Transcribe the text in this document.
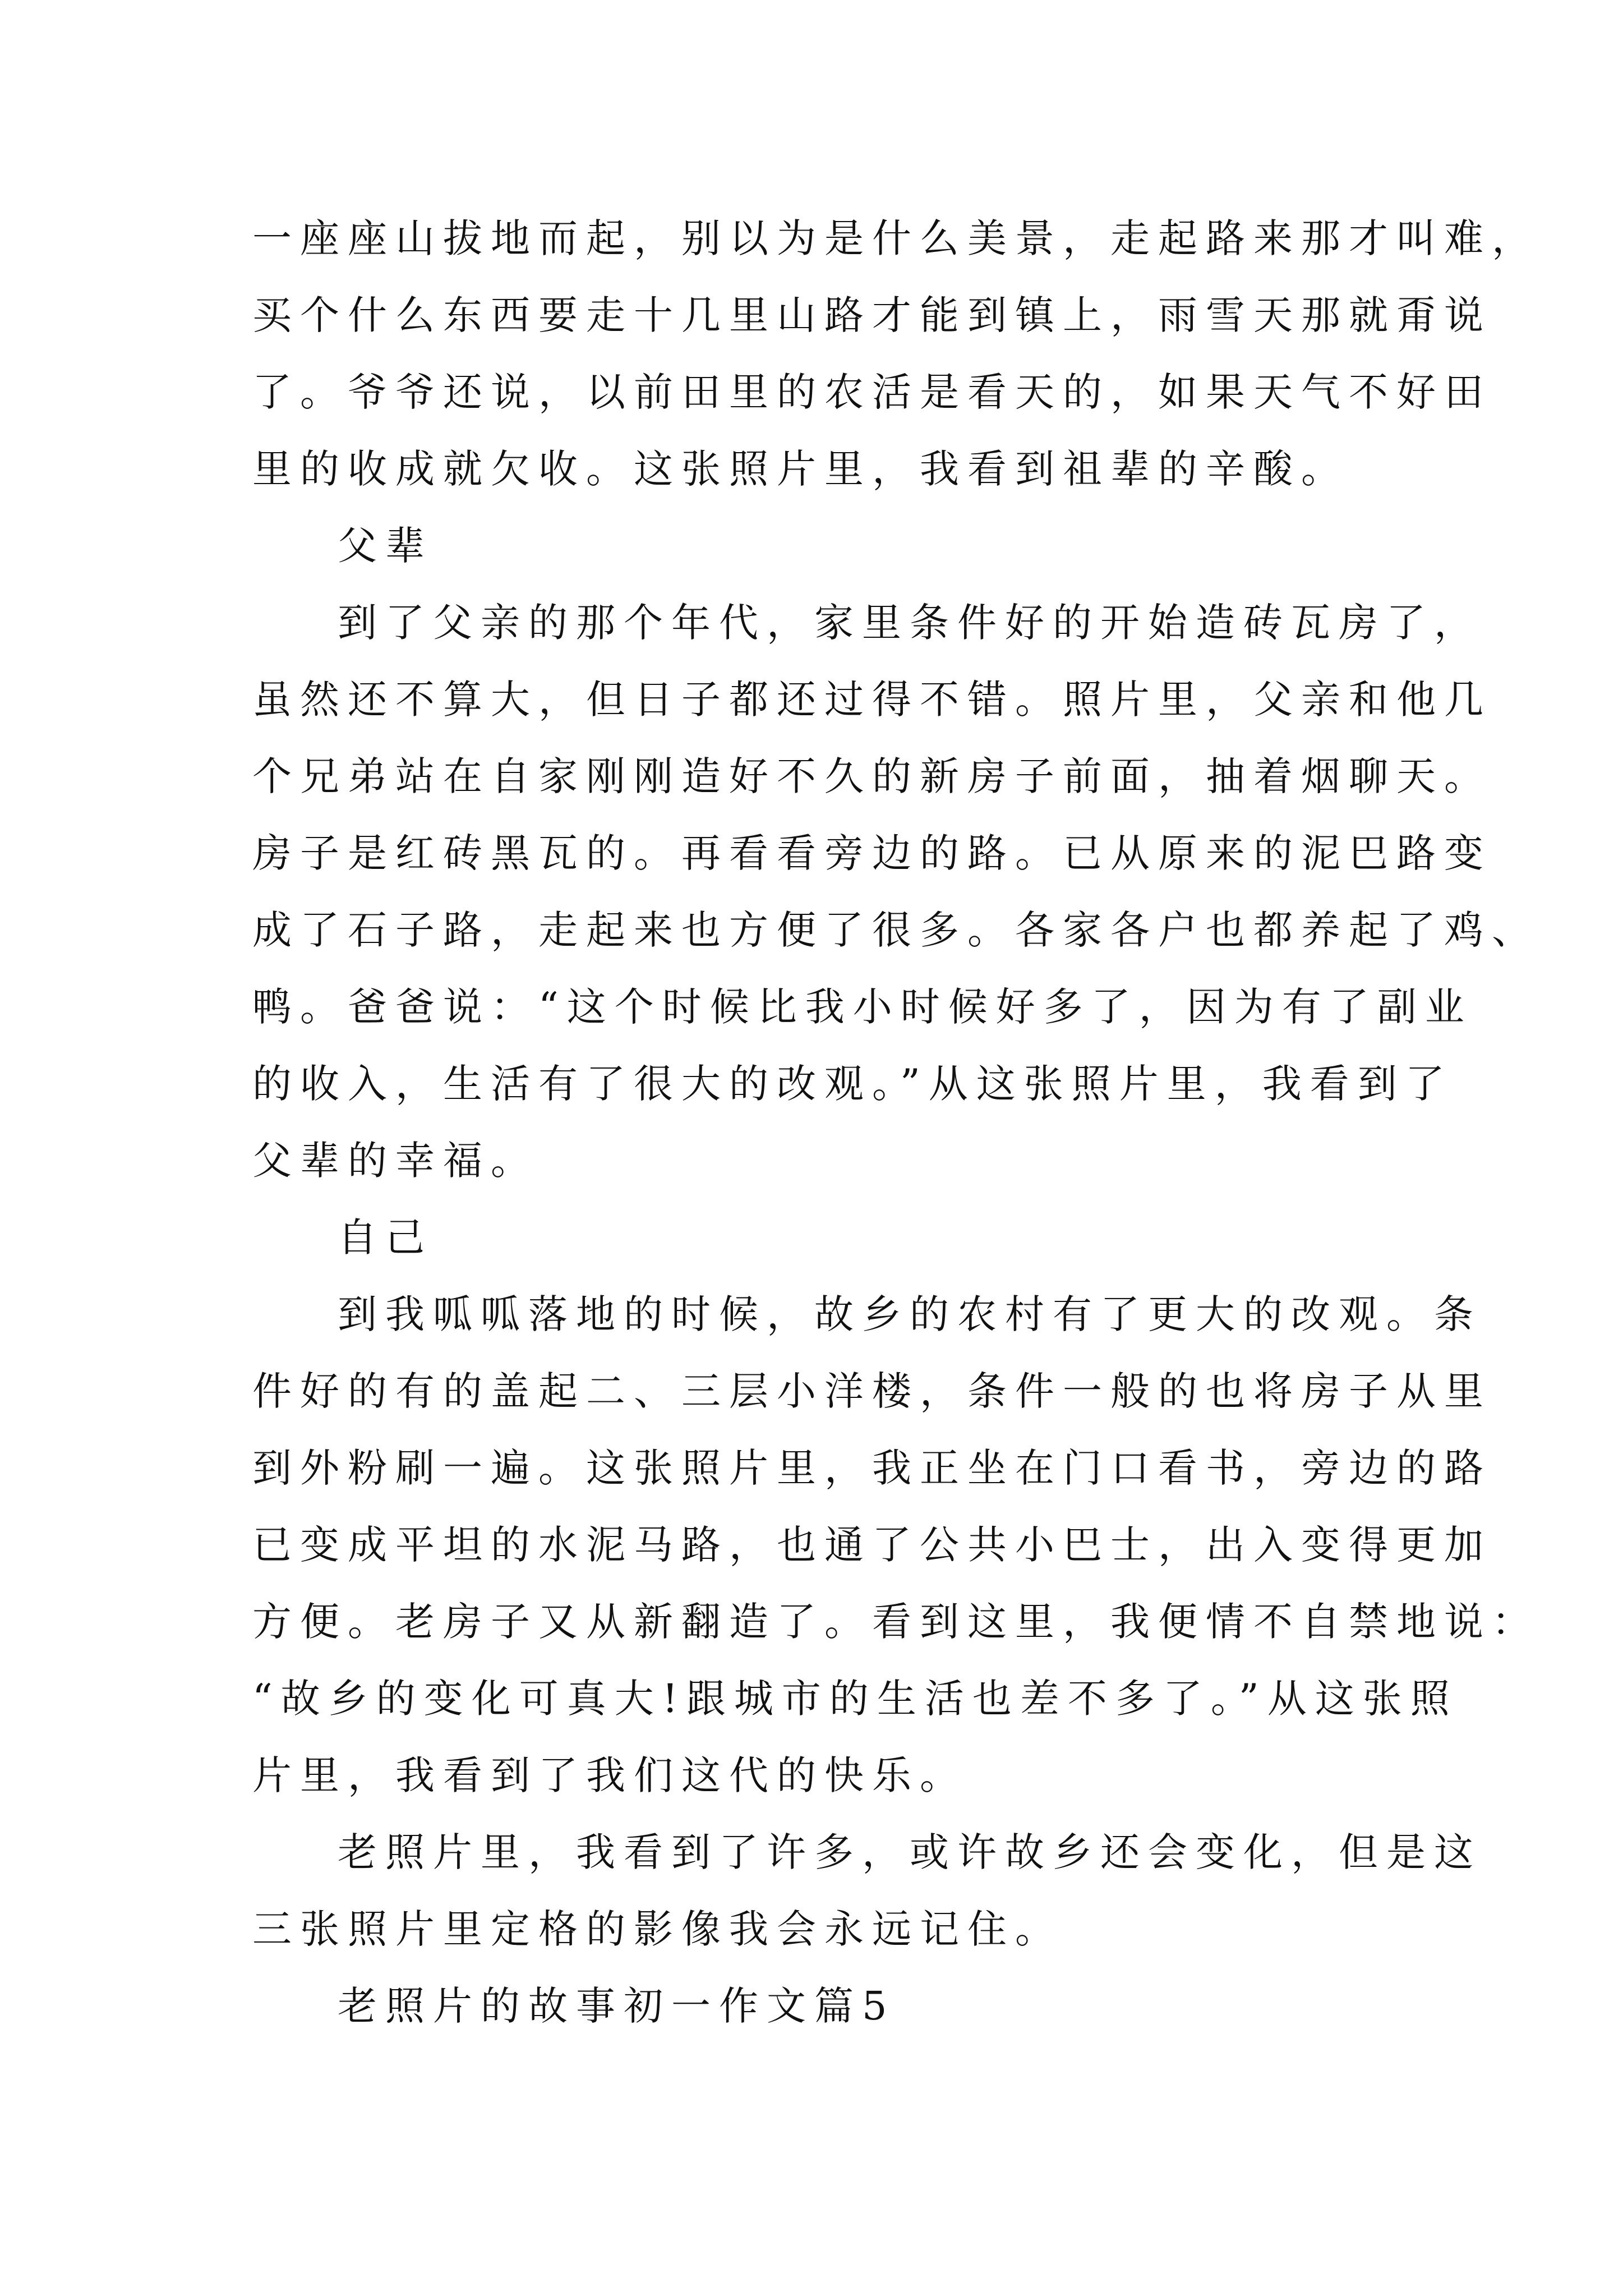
一座座山拔地而起，别以为是什么美景，走起路来那才叫难，
买个什么东西要走十几里山路才能到镇上，雨雪天那就甭说
了。爷爷还说，以前田里的农活是看天的，如果天气不好田
里的收成就欠收。这张照片里，我看到祖辈的辛酸。
父辈
到了父亲的那个年代，家里条件好的开始造砖瓦房了，
虽然还不算大，但日子都还过得不错。照片里，父亲和他几
个兄弟站在自家刚刚造好不久的新房子前面，抽着烟聊天。
房子是红砖黑瓦的。再看看旁边的路。已从原来的泥巴路变
成了石子路，走起来也方便了很多。各家各户也都养起了鸡、
鸭。爸爸说：“这个时候比我小时候好多了，因为有了副业
的收入，生活有了很大的改观。”从这张照片里，我看到了
父辈的幸福。
自己
到我呱呱落地的时候，故乡的农村有了更大的改观。条
件好的有的盖起二、三层小洋楼，条件一般的也将房子从里
到外粉刷一遍。这张照片里，我正坐在门口看书，旁边的路
已变成平坦的水泥马路，也通了公共小巴士，出入变得更加
方便。老房子又从新翻造了。看到这里，我便情不自禁地说：
“故乡的变化可真大!跟城市的生活也差不多了。”从这张照
片里，我看到了我们这代的快乐。
老照片里，我看到了许多，或许故乡还会变化，但是这
三张照片里定格的影像我会永远记住。
老照片的故事初一作文篇5
